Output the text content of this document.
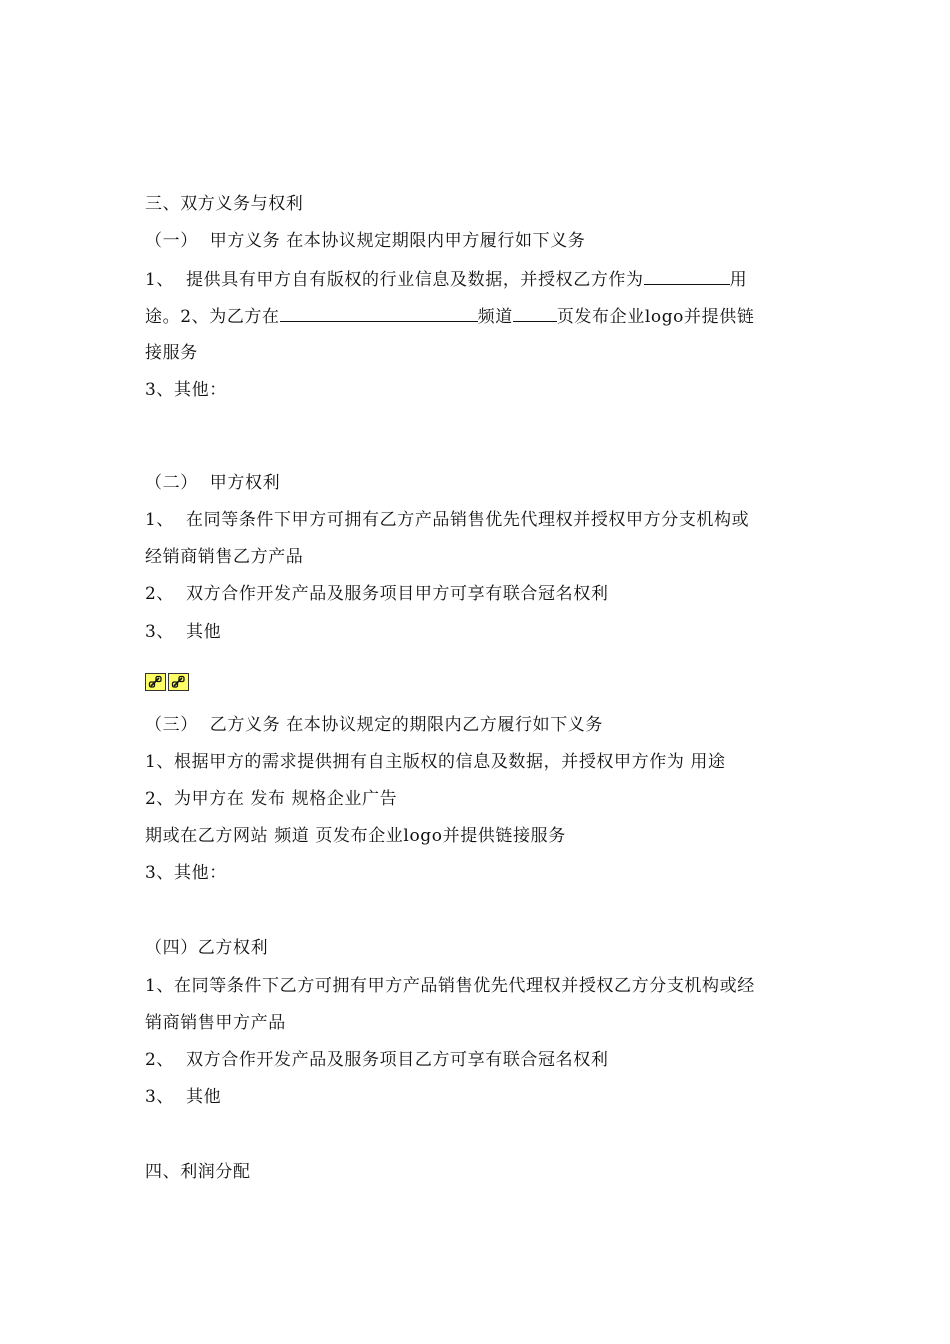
三、双方义务与权利
（一）  甲方义务 在本协议规定期限内甲方履行如下义务
1、  提供具有甲方自有版权的行业信息及数据，并授权乙方作为	用
途。2、为乙方在	频道	页发布企业logo并提供链
接服务
3、其他：
（二）  甲方权利
1、  在同等条件下甲方可拥有乙方产品销售优先代理权并授权甲方分支机构或
经销商销售乙方产品
2、  双方合作开发产品及服务项目甲方可享有联合冠名权利
3、  其他
（三）  乙方义务 在本协议规定的期限内乙方履行如下义务
1、根据甲方的需求提供拥有自主版权的信息及数据，并授权甲方作为 用途
2、为甲方在 发布 规格企业广告
期或在乙方网站 频道 页发布企业logo并提供链接服务
3、其他：
（四）乙方权利
1、在同等条件下乙方可拥有甲方产品销售优先代理权并授权乙方分支机构或经
销商销售甲方产品
2、  双方合作开发产品及服务项目乙方可享有联合冠名权利
3、  其他
四、利润分配
